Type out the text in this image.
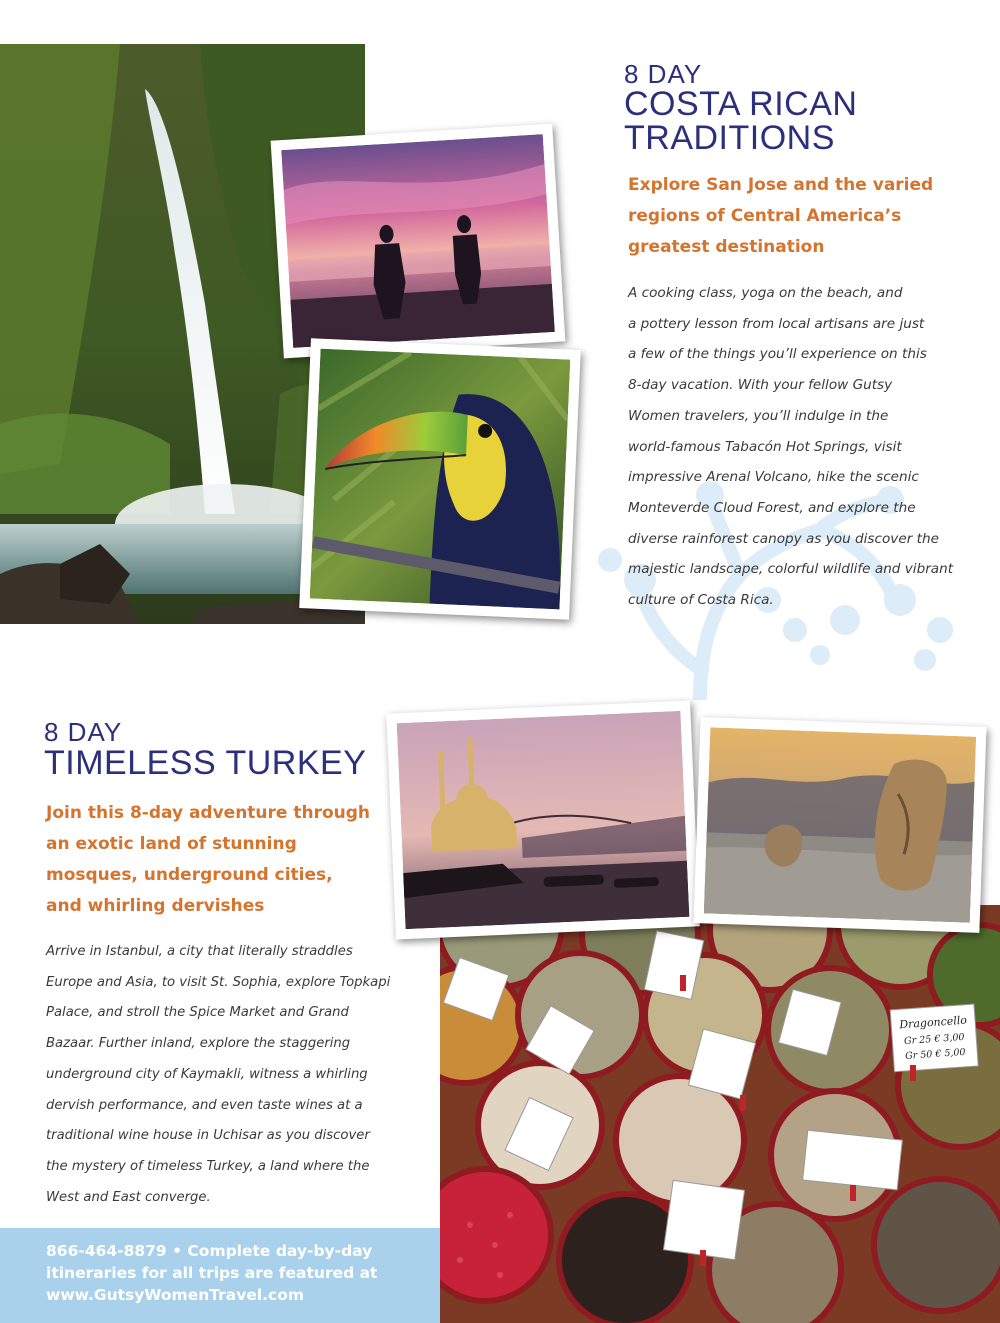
8 DAY
COSTA RICAN
TRADITIONS
Explore San Jose and the varied
regions of Central America’s
greatest destination
A cooking class, yoga on the beach, and
a pottery lesson from local artisans are just
a few of the things you’ll experience on this
8-day vacation. With your fellow Gutsy
Women travelers, you’ll indulge in the
world-famous Tabacón Hot Springs, visit
impressive Arenal Volcano, hike the scenic
Monteverde Cloud Forest, and explore the
diverse rainforest canopy as you discover the
majestic landscape, colorful wildlife and vibrant
culture of Costa Rica.
8 DAY
TIMELESS TURKEY
Join this 8-day adventure through
an exotic land of stunning
mosques, underground cities,
and whirling dervishes
Arrive in Istanbul, a city that literally straddles
Europe and Asia, to visit St. Sophia, explore Topkapi
Palace, and stroll the Spice Market and Grand
Bazaar. Further inland, explore the staggering
underground city of Kaymakli, witness a whirling
dervish performance, and even taste wines at a
traditional wine house in Uchisar as you discover
the mystery of timeless Turkey, a land where the
West and East converge.
Dragoncello
Gr 25 € 3,00
Gr 50 € 5,00
866-464-8879 • Complete day-by-day
itineraries for all trips are featured at
www.GutsyWomenTravel.com
